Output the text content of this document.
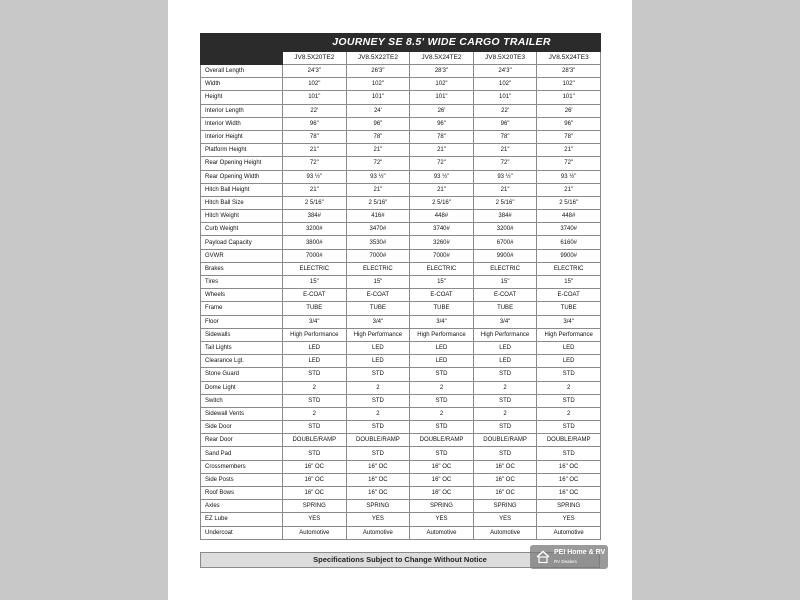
	JOURNEY SE 8.5' WIDE CARGO TRAILER				
	JV8.5X20TE2	JV8.5X22TE2	JV8.5X24TE2	JV8.5X20TE3	JV8.5X24TE3
Overall Length	24'3"	26'3"	28'3"	24'3"	28'3"
Width	102"	102"	102"	102"	102"
Height	101"	101"	101"	101"	101"
Interior Length	22'	24'	26'	22'	26'
Interior Width	96"	96"	96"	96"	96"
Interior Height	78"	78"	78"	78"	78"
Platform Height	21"	21"	21"	21"	21"
Rear Opening Height	72"	72"	72"	72"	72"
Rear Opening Width	93 ½"	93 ½"	93 ½"	93 ½"	93 ½"
Hitch Ball Height	21"	21"	21"	21"	21"
Hitch Ball Size	2 5/16"	2 5/16"	2 5/16"	2 5/16"	2 5/16"
Hitch Weight	384#	416#	448#	384#	448#
Curb Weight	3200#	3470#	3740#	3200#	3740#
Payload Capacity	3800#	3530#	3260#	6700#	6160#
GVWR	7000#	7000#	7000#	9900#	9900#
Brakes	ELECTRIC	ELECTRIC	ELECTRIC	ELECTRIC	ELECTRIC
Tires	15"	15"	15"	15"	15"
Wheels	E-COAT	E-COAT	E-COAT	E-COAT	E-COAT
Frame	TUBE	TUBE	TUBE	TUBE	TUBE
Floor	3/4"	3/4"	3/4"	3/4"	3/4"
Sidewalls	High Performance	High Performance	High Performance	High Performance	High Performance
Tail Lights	LED	LED	LED	LED	LED
Clearance Lgt.	LED	LED	LED	LED	LED
Stone Guard	STD	STD	STD	STD	STD
Dome Light	2	2	2	2	2
Switch	STD	STD	STD	STD	STD
Sidewall Vents	2	2	2	2	2
Side Door	STD	STD	STD	STD	STD
Rear Door	DOUBLE/RAMP	DOUBLE/RAMP	DOUBLE/RAMP	DOUBLE/RAMP	DOUBLE/RAMP
Sand Pad	STD	STD	STD	STD	STD
Crossmembers	16" OC	16" OC	16" OC	16" OC	16" OC
Side Posts	16" OC	16" OC	16" OC	16" OC	16" OC
Roof Bows	16" OC	16" OC	16" OC	16" OC	16" OC
Axles	SPRING	SPRING	SPRING	SPRING	SPRING
EZ Lube	YES	YES	YES	YES	YES
Undercoat	Automotive	Automotive	Automotive	Automotive	Automotive
Specifications Subject to Change Without Notice
PEI Home & RV
RV Dealers
